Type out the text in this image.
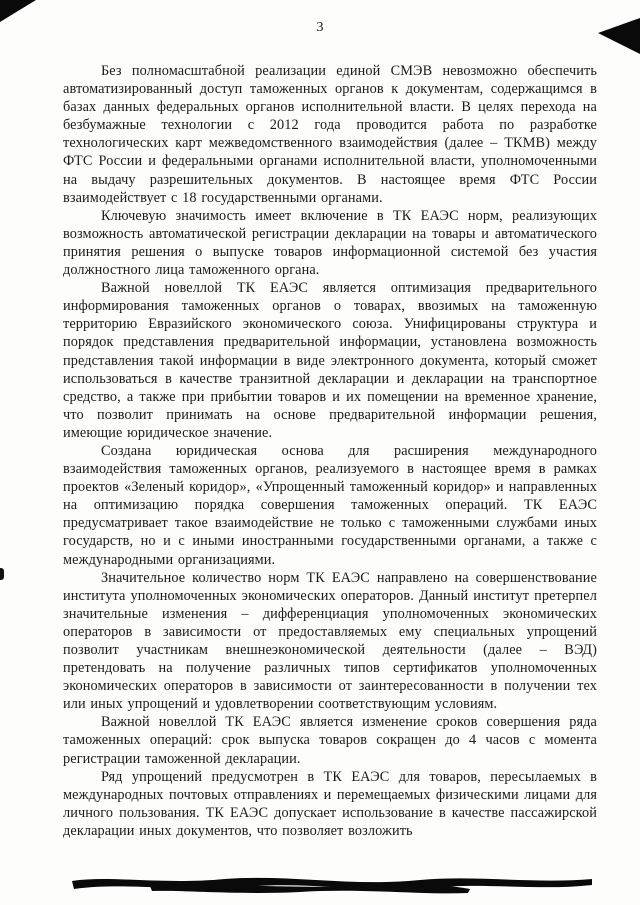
3

Без полномасштабной реализации единой СМЭВ невозможно обеспечить автоматизированный доступ таможенных органов к документам, содержащимся в базах данных федеральных органов исполнительной власти. В целях перехода на безбумажные технологии с 2012 года проводится работа по разработке технологических карт межведомственного взаимодействия (далее – ТКМВ) между ФТС России и федеральными органами исполнительной власти, уполномоченными на выдачу разрешительных документов. В настоящее время ФТС России взаимодействует с 18 государственными органами.

Ключевую значимость имеет включение в ТК ЕАЭС норм, реализующих возможность автоматической регистрации декларации на товары и автоматического принятия решения о выпуске товаров информационной системой без участия должностного лица таможенного органа.

Важной новеллой ТК ЕАЭС является оптимизация предварительного информирования таможенных органов о товарах, ввозимых на таможенную территорию Евразийского экономического союза. Унифицированы структура и порядок представления предварительной информации, установлена возможность представления такой информации в виде электронного документа, который сможет использоваться в качестве транзитной декларации и декларации на транспортное средство, а также при прибытии товаров и их помещении на временное хранение, что позволит принимать на основе предварительной информации решения, имеющие юридическое значение.

Создана юридическая основа для расширения международного взаимодействия таможенных органов, реализуемого в настоящее время в рамках проектов «Зеленый коридор», «Упрощенный таможенный коридор» и направленных на оптимизацию порядка совершения таможенных операций. ТК ЕАЭС предусматривает такое взаимодействие не только с таможенными службами иных государств, но и с иными иностранными государственными органами, а также с международными организациями.

Значительное количество норм ТК ЕАЭС направлено на совершенствование института уполномоченных экономических операторов. Данный институт претерпел значительные изменения – дифференциация уполномоченных экономических операторов в зависимости от предоставляемых ему специальных упрощений позволит участникам внешнеэкономической деятельности (далее – ВЭД) претендовать на получение различных типов сертификатов уполномоченных экономических операторов в зависимости от заинтересованности в получении тех или иных упрощений и удовлетворении соответствующим условиям.

Важной новеллой ТК ЕАЭС является изменение сроков совершения ряда таможенных операций: срок выпуска товаров сокращен до 4 часов с момента регистрации таможенной декларации.

Ряд упрощений предусмотрен в ТК ЕАЭС для товаров, пересылаемых в международных почтовых отправлениях и перемещаемых физическими лицами для личного пользования. ТК ЕАЭС допускает использование в качестве пассажирской декларации иных документов, что позволяет возложить
